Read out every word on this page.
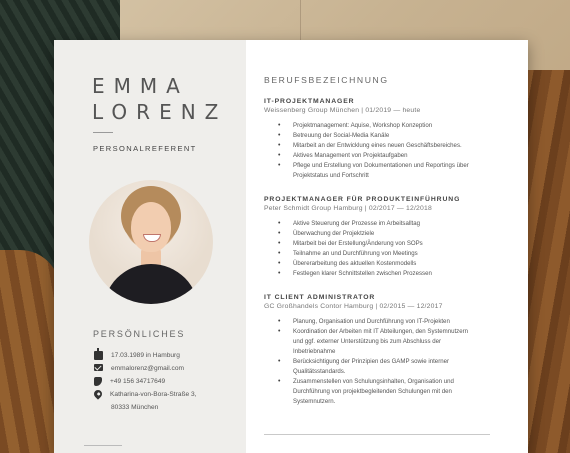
EMMA
LORENZ
PERSONALREFERENT
PERSÖNLICHES
17.03.1989 in Hamburg
emmalorenz@gmail.com
+49 156 34717649
Katharina-von-Bora-Straße 3,
80333 München
BERUFSBEZEICHNUNG
IT-PROJEKTMANAGER
Weissenberg Group München | 01/2019 — heute
• Projektmanagement: Aquise, Workshop Konzeption
• Betreuung der Social-Media Kanäle
• Mitarbeit an der Entwicklung eines neuen Geschäftsbereiches.
• Aktives Management von Projektaufgaben
• Pflege und Erstellung von Dokumentationen und Reportings über
Projektstatus und Fortschritt
PROJEKTMANAGER FÜR PRODUKTEINFÜHRUNG
Peter Schmidt Group Hamburg | 02/2017 — 12/2018
• Aktive Steuerung der Prozesse im Arbeitsalltag
• Überwachung der Projektziele
• Mitarbeit bei der Erstellung/Änderung von SOPs
• Teilnahme an und Durchführung von Meetings
• Übererarbeitung des aktuellen Kostenmodells
• Festlegen klarer Schnittstellen zwischen Prozessen
IT CLIENT ADMINISTRATOR
GC Großhandels Contor Hamburg | 02/2015 — 12/2017
• Planung, Organisation und Durchführung von IT-Projekten
• Koordination der Arbeiten mit IT Abteilungen, den Systemnutzern
und ggf. externer Unterstützung bis zum Abschluss der
Inbetriebnahme
• Berücksichtigung der Prinzipien des GAMP sowie interner
Qualitätsstandards.
• Zusammenstellen von Schulungsinhalten, Organisation und
Durchführung von projektbegleitenden Schulungen mit den
Systemnutzern.
